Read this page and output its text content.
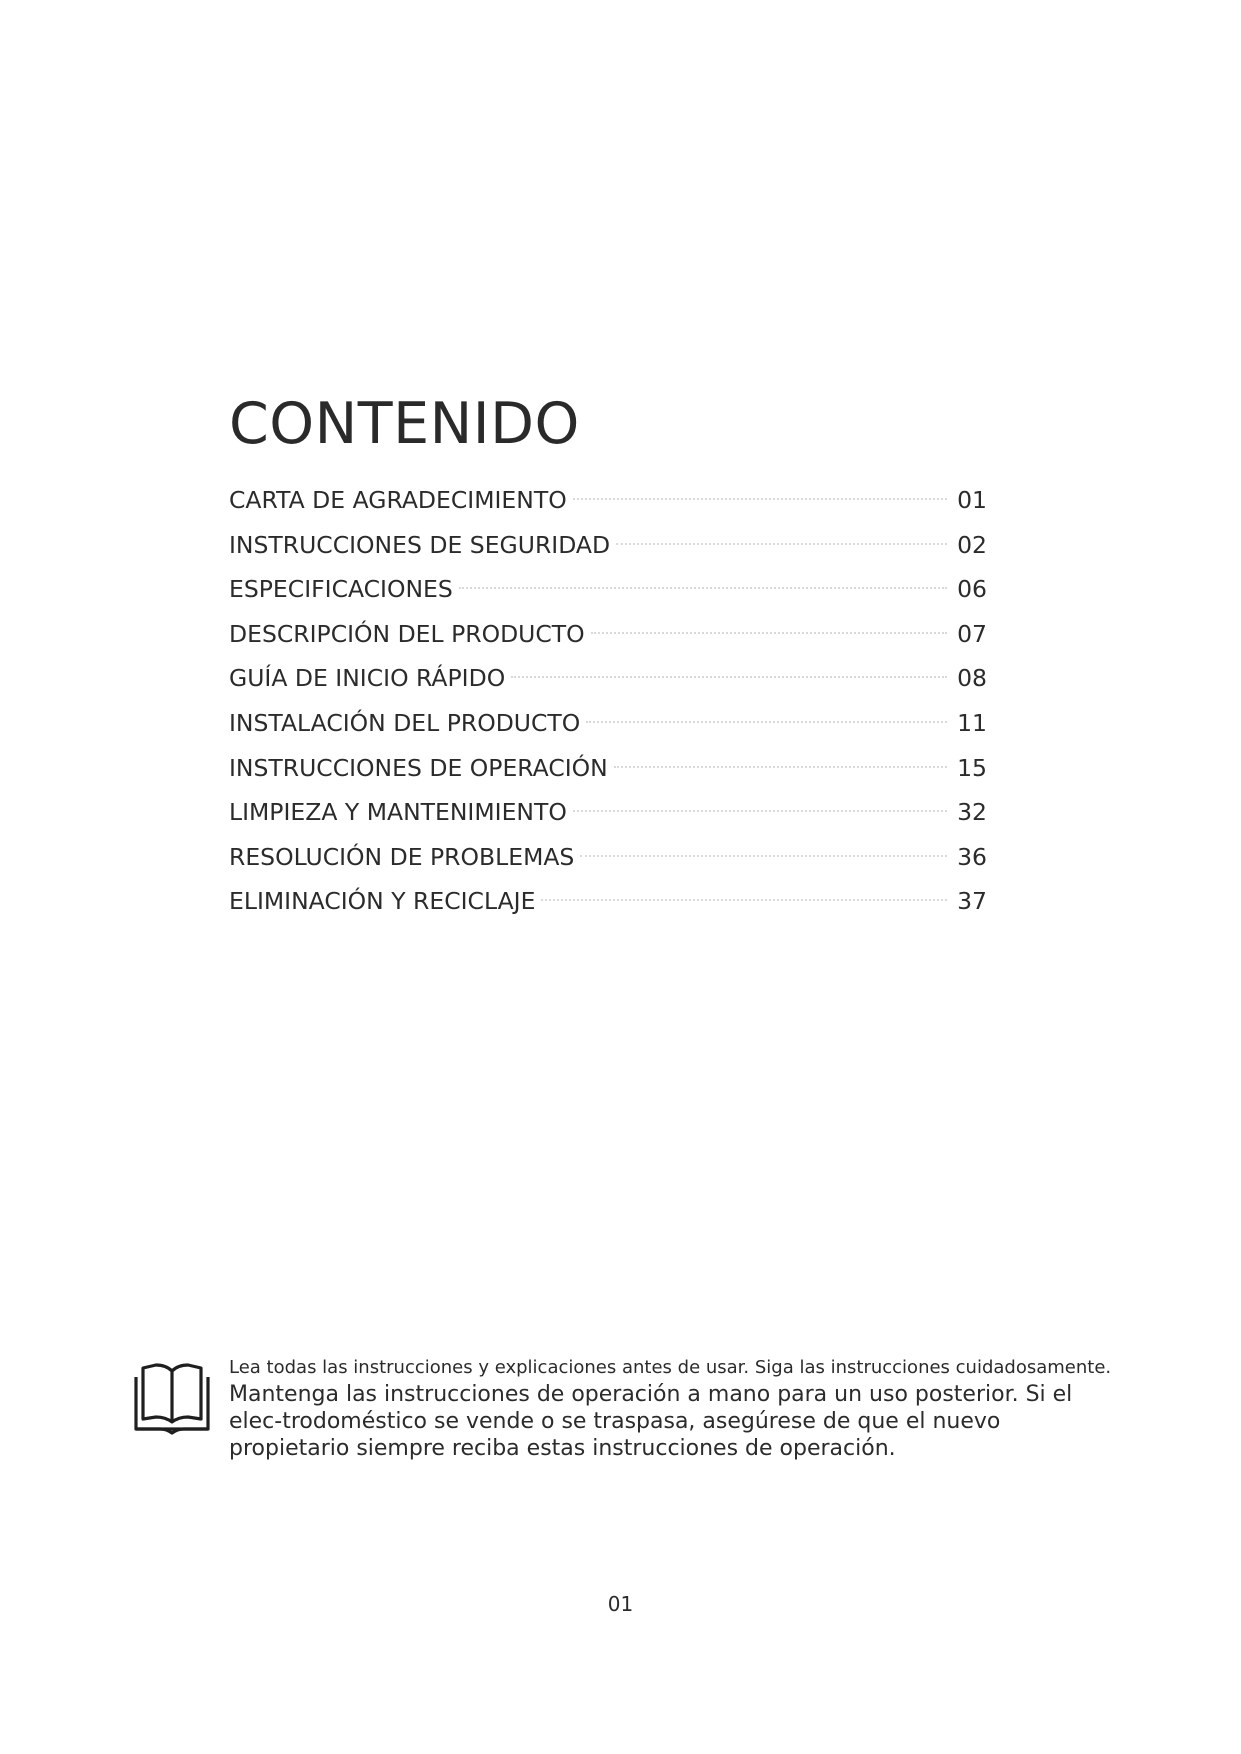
CONTENIDO
CARTA DE AGRADECIMIENTO	01
INSTRUCCIONES DE SEGURIDAD	02
ESPECIFICACIONES	06
DESCRIPCIÓN DEL PRODUCTO	07
GUÍA DE INICIO RÁPIDO	08
INSTALACIÓN DEL PRODUCTO	11
INSTRUCCIONES DE OPERACIÓN	15
LIMPIEZA Y MANTENIMIENTO	32
RESOLUCIÓN DE PROBLEMAS	36
ELIMINACIÓN Y RECICLAJE	37

Lea todas las instrucciones y explicaciones antes de usar. Siga las instrucciones cuidadosamente.

Mantenga las instrucciones de operación a mano para un uso posterior. Si el elec-trodoméstico se vende o se traspasa, asegúrese de que el nuevo propietario siempre reciba estas instrucciones de operación.

01
